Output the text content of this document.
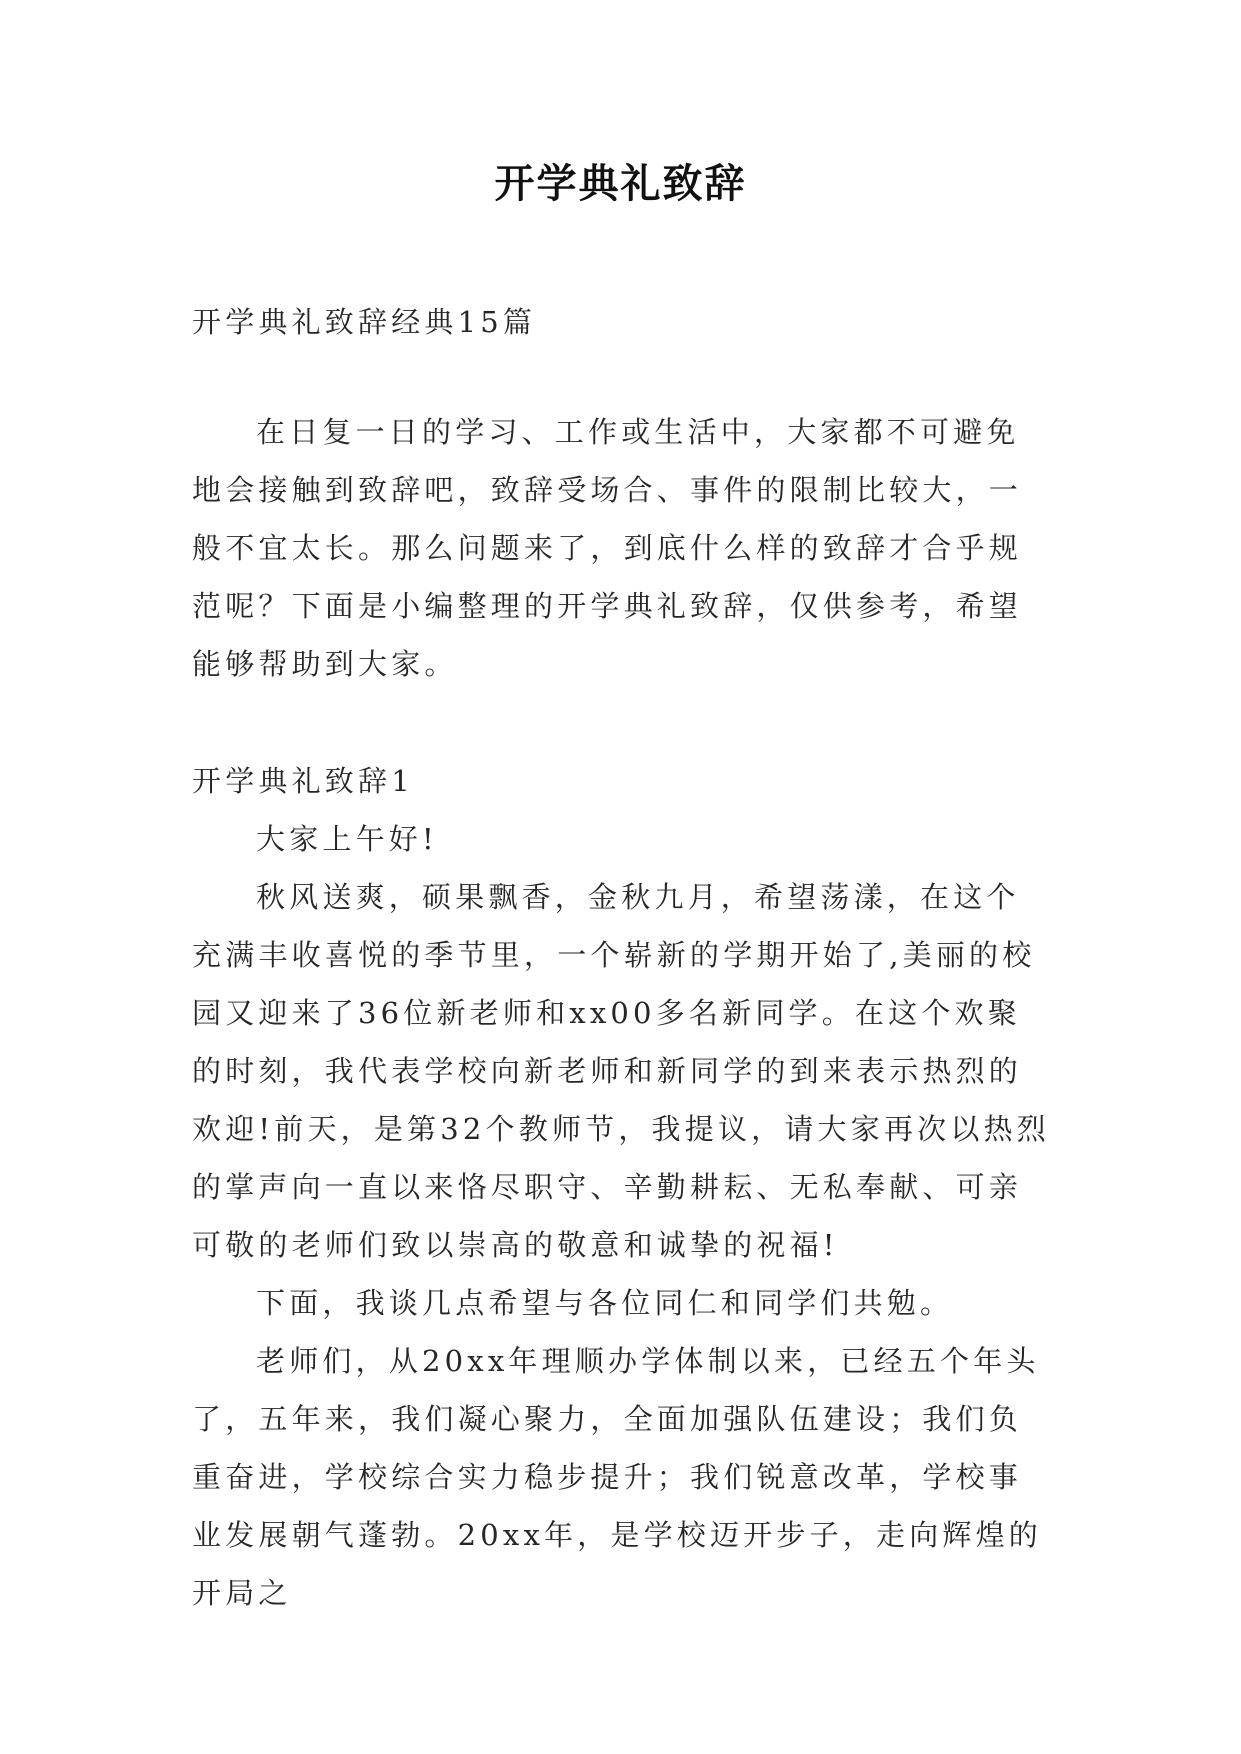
开学典礼致辞
开学典礼致辞经典15篇
在日复一日的学习、工作或生活中，大家都不可避免地会接触到致辞吧，致辞受场合、事件的限制比较大，一般不宜太长。那么问题来了，到底什么样的致辞才合乎规范呢？下面是小编整理的开学典礼致辞，仅供参考，希望能够帮助到大家。
开学典礼致辞1

大家上午好!

秋风送爽，硕果飘香，金秋九月，希望荡漾，在这个充满丰收喜悦的季节里，一个崭新的学期开始了,美丽的校园又迎来了36位新老师和xx00多名新同学。在这个欢聚的时刻，我代表学校向新老师和新同学的到来表示热烈的欢迎!前天，是第32个教师节，我提议，请大家再次以热烈的掌声向一直以来恪尽职守、辛勤耕耘、无私奉献、可亲可敬的老师们致以崇高的敬意和诚挚的祝福!

下面，我谈几点希望与各位同仁和同学们共勉。

老师们，从20xx年理顺办学体制以来，已经五个年头了，五年来，我们凝心聚力，全面加强队伍建设；我们负重奋进，学校综合实力稳步提升；我们锐意改革，学校事业发展朝气蓬勃。20xx年，是学校迈开步子，走向辉煌的开局之
